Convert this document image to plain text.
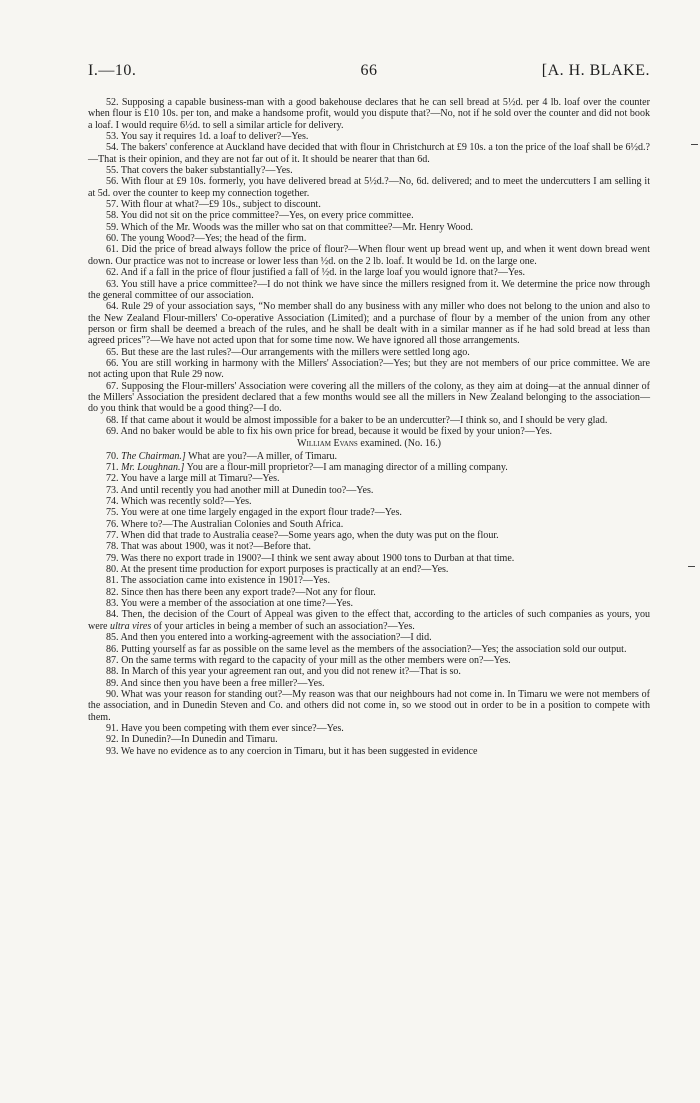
I.—10.	66	[A. H. BLAKE.

52. Supposing a capable business-man with a good bakehouse declares that he can sell bread at 5½d. per 4 lb. loaf over the counter when flour is £10 10s. per ton, and make a handsome profit, would you dispute that?—No, not if he sold over the counter and did not book a loaf. I would require 6½d. to sell a similar article for delivery.

53. You say it requires 1d. a loaf to deliver?—Yes.

54. The bakers' conference at Auckland have decided that with flour in Christchurch at £9 10s. a ton the price of the loaf shall be 6½d.?—That is their opinion, and they are not far out of it. It should be nearer that than 6d.

55. That covers the baker substantially?—Yes.

56. With flour at £9 10s. formerly, you have delivered bread at 5½d.?—No, 6d. delivered; and to meet the undercutters I am selling it at 5d. over the counter to keep my connection together.

57. With flour at what?—£9 10s., subject to discount.

58. You did not sit on the price committee?—Yes, on every price committee.

59. Which of the Mr. Woods was the miller who sat on that committee?—Mr. Henry Wood.

60. The young Wood?—Yes; the head of the firm.

61. Did the price of bread always follow the price of flour?—When flour went up bread went up, and when it went down bread went down. Our practice was not to increase or lower less than ½d. on the 2 lb. loaf. It would be 1d. on the large one.

62. And if a fall in the price of flour justified a fall of ½d. in the large loaf you would ignore that?—Yes.

63. You still have a price committee?—I do not think we have since the millers resigned from it. We determine the price now through the general committee of our association.

64. Rule 29 of your association says, “No member shall do any business with any miller who does not belong to the union and also to the New Zealand Flour-millers' Co-operative Association (Limited); and a purchase of flour by a member of the union from any other person or firm shall be deemed a breach of the rules, and he shall be dealt with in a similar manner as if he had sold bread at less than agreed prices”?—We have not acted upon that for some time now. We have ignored all those arrangements.

65. But these are the last rules?—Our arrangements with the millers were settled long ago.

66. You are still working in harmony with the Millers' Association?—Yes; but they are not members of our price committee. We are not acting upon that Rule 29 now.

67. Supposing the Flour-millers' Association were covering all the millers of the colony, as they aim at doing—at the annual dinner of the Millers' Association the president declared that a few months would see all the millers in New Zealand belonging to the association—do you think that would be a good thing?—I do.

68. If that came about it would be almost impossible for a baker to be an undercutter?—I think so, and I should be very glad.

69. And no baker would be able to fix his own price for bread, because it would be fixed by your union?—Yes.

William Evans examined. (No. 16.)

70. The Chairman.] What are you?—A miller, of Timaru.

71. Mr. Loughnan.] You are a flour-mill proprietor?—I am managing director of a milling company.

72. You have a large mill at Timaru?—Yes.

73. And until recently you had another mill at Dunedin too?—Yes.

74. Which was recently sold?—Yes.

75. You were at one time largely engaged in the export flour trade?—Yes.

76. Where to?—The Australian Colonies and South Africa.

77. When did that trade to Australia cease?—Some years ago, when the duty was put on the flour.

78. That was about 1900, was it not?—Before that.

79. Was there no export trade in 1900?—I think we sent away about 1900 tons to Durban at that time.

80. At the present time production for export purposes is practically at an end?—Yes.

81. The association came into existence in 1901?—Yes.

82. Since then has there been any export trade?—Not any for flour.

83. You were a member of the association at one time?—Yes.

84. Then, the decision of the Court of Appeal was given to the effect that, according to the articles of such companies as yours, you were ultra vires of your articles in being a member of such an association?—Yes.

85. And then you entered into a working-agreement with the association?—I did.

86. Putting yourself as far as possible on the same level as the members of the association?—Yes; the association sold our output.

87. On the same terms with regard to the capacity of your mill as the other members were on?—Yes.

88. In March of this year your agreement ran out, and you did not renew it?—That is so.

89. And since then you have been a free miller?—Yes.

90. What was your reason for standing out?—My reason was that our neighbours had not come in. In Timaru we were not members of the association, and in Dunedin Steven and Co. and others did not come in, so we stood out in order to be in a position to compete with them.

91. Have you been competing with them ever since?—Yes.

92. In Dunedin?—In Dunedin and Timaru.

93. We have no evidence as to any coercion in Timaru, but it has been suggested in evidence
